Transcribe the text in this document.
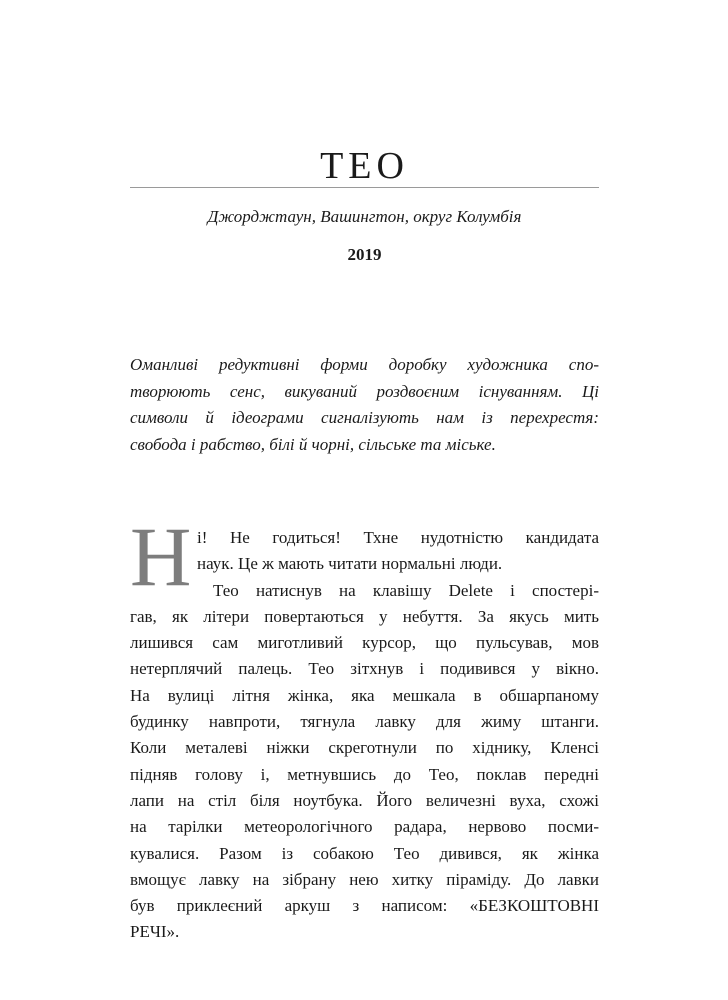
ТЕО
Джорджтаун, Вашингтон, округ Колумбія
2019
Оманливі редуктивні форми доробку художника спо-
творюють сенс, викуваний роздвоєним існуванням. Ці
символи й ідеограми сигналізують нам із перехрестя:
свобода і рабство, білі й чорні, сільське та міське.
Н і! Не годиться! Тхне нудотністю кандидата
наук. Це ж мають читати нормальні люди.
Тео натиснув на клавішу Delete і спостері-
гав, як літери повертаються у небуття. За якусь мить
лишився сам миготливий курсор, що пульсував, мов
нетерплячий палець. Тео зітхнув і подивився у вікно.
На вулиці літня жінка, яка мешкала в обшарпаному
будинку навпроти, тягнула лавку для жиму штанги.
Коли металеві ніжки скреготнули по хіднику, Кленсі
підняв голову і, метнувшись до Тео, поклав передні
лапи на стіл біля ноутбука. Його величезні вуха, схожі
на тарілки метеорологічного радара, нервово посми-
кувалися. Разом із собакою Тео дивився, як жінка
вмощує лавку на зібрану нею хитку піраміду. До лавки
був приклеєний аркуш з написом: «БЕЗКОШТОВНІ
РЕЧІ».
